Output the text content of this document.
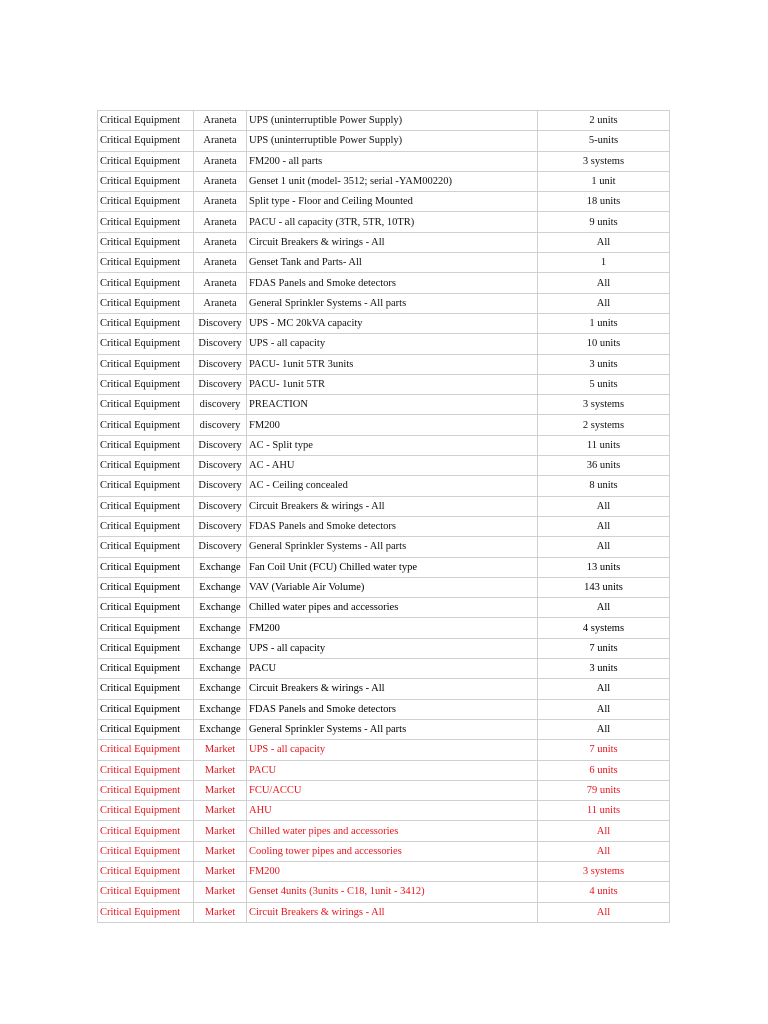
Critical Equipment	Araneta	UPS (uninterruptible Power Supply)	2 units
Critical Equipment	Araneta	UPS (uninterruptible Power Supply)	5-units
Critical Equipment	Araneta	FM200 - all parts	3 systems
Critical Equipment	Araneta	Genset 1 unit (model- 3512; serial -YAM00220)	1 unit
Critical Equipment	Araneta	Split type - Floor and Ceiling Mounted	18 units
Critical Equipment	Araneta	PACU - all capacity (3TR, 5TR, 10TR)	9 units
Critical Equipment	Araneta	Circuit Breakers & wirings - All	All
Critical Equipment	Araneta	Genset Tank and Parts- All	1
Critical Equipment	Araneta	FDAS Panels and Smoke detectors	All
Critical Equipment	Araneta	General Sprinkler Systems - All parts	All
Critical Equipment	Discovery	UPS - MC 20kVA capacity	1 units
Critical Equipment	Discovery	UPS - all capacity	10 units
Critical Equipment	Discovery	PACU- 1unit 5TR 3units	3 units
Critical Equipment	Discovery	PACU- 1unit 5TR	5 units
Critical Equipment	discovery	PREACTION	3 systems
Critical Equipment	discovery	FM200	2 systems
Critical Equipment	Discovery	AC - Split type	11 units
Critical Equipment	Discovery	AC - AHU	36 units
Critical Equipment	Discovery	AC - Ceiling concealed	8 units
Critical Equipment	Discovery	Circuit Breakers & wirings - All	All
Critical Equipment	Discovery	FDAS Panels and Smoke detectors	All
Critical Equipment	Discovery	General Sprinkler Systems - All parts	All
Critical Equipment	Exchange	Fan Coil Unit (FCU) Chilled water type	13 units
Critical Equipment	Exchange	VAV (Variable Air Volume)	143 units
Critical Equipment	Exchange	Chilled water pipes and accessories	All
Critical Equipment	Exchange	FM200	4 systems
Critical Equipment	Exchange	UPS - all capacity	7 units
Critical Equipment	Exchange	PACU	3 units
Critical Equipment	Exchange	Circuit Breakers & wirings - All	All
Critical Equipment	Exchange	FDAS Panels and Smoke detectors	All
Critical Equipment	Exchange	General Sprinkler Systems - All parts	All
Critical Equipment	Market	UPS - all capacity	7 units
Critical Equipment	Market	PACU	6 units
Critical Equipment	Market	FCU/ACCU	79 units
Critical Equipment	Market	AHU	11 units
Critical Equipment	Market	Chilled water pipes and accessories	All
Critical Equipment	Market	Cooling tower pipes and accessories	All
Critical Equipment	Market	FM200	3 systems
Critical Equipment	Market	Genset 4units (3units - C18, 1unit - 3412)	4 units
Critical Equipment	Market	Circuit Breakers & wirings - All	All
